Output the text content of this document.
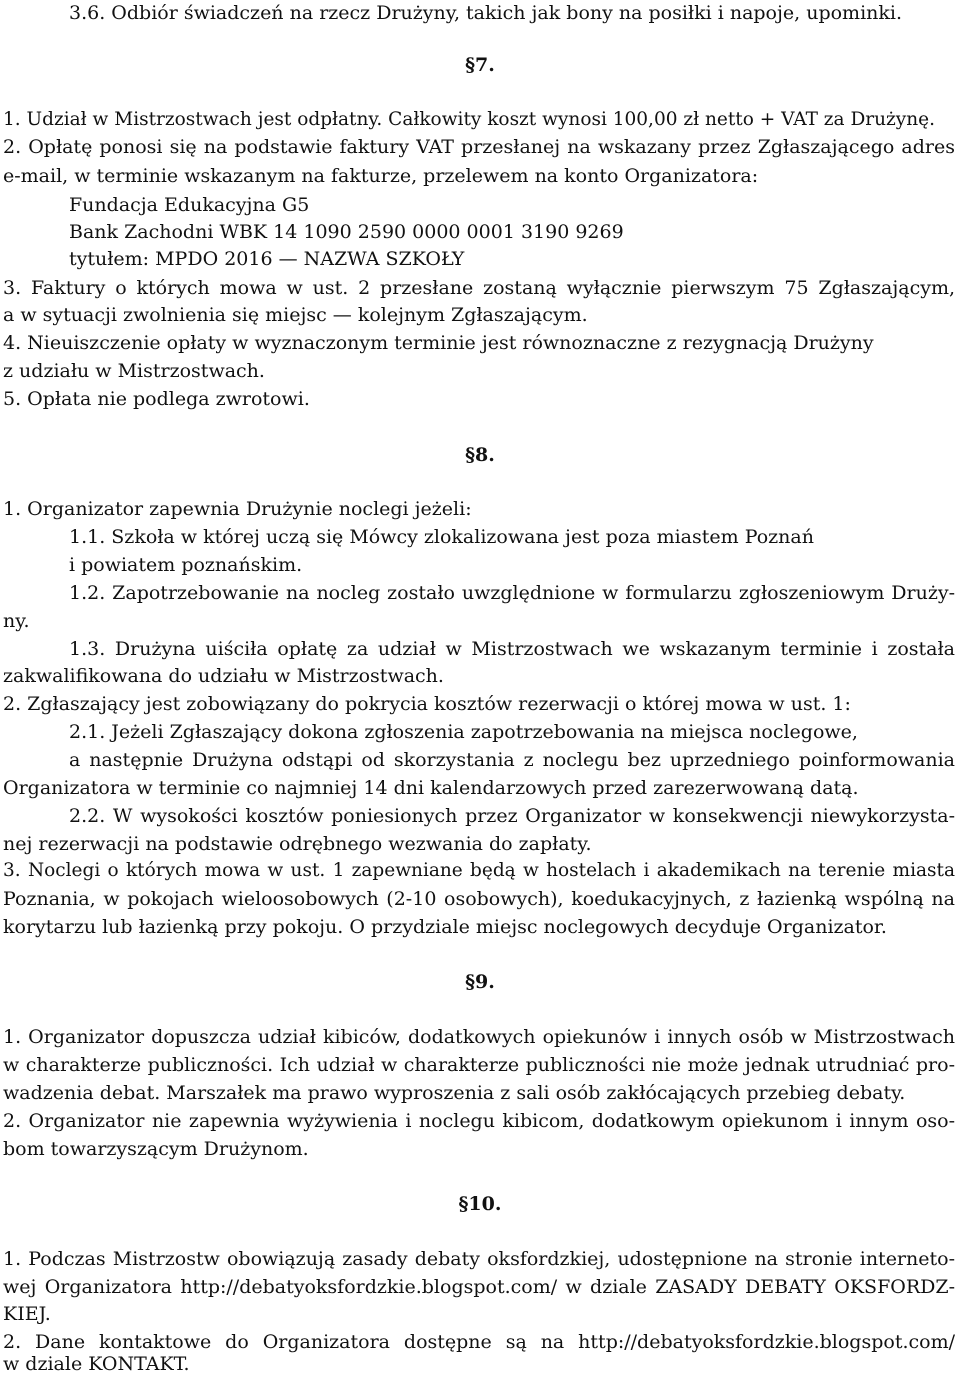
3.6. Odbiór świadczeń na rzecz Drużyny, takich jak bony na posiłki i napoje, upominki.
§7.
1. Udział w Mistrzostwach jest odpłatny. Całkowity koszt wynosi 100,00 zł netto + VAT za Drużynę.
2. Opłatę ponosi się na podstawie faktury VAT przesłanej na wskazany przez Zgłaszającego adres
e-mail, w terminie wskazanym na fakturze, przelewem na konto Organizatora:
Fundacja Edukacyjna G5
Bank Zachodni WBK 14 1090 2590 0000 0001 3190 9269
tytułem: MPDO 2016 — NAZWA SZKOŁY
3. Faktury o których mowa w ust. 2 przesłane zostaną wyłącznie pierwszym 75 Zgłaszającym,
a w sytuacji zwolnienia się miejsc — kolejnym Zgłaszającym.
4. Nieuiszczenie opłaty w wyznaczonym terminie jest równoznaczne z rezygnacją Drużyny
z udziału w Mistrzostwach.
5. Opłata nie podlega zwrotowi.
§8.
1. Organizator zapewnia Drużynie noclegi jeżeli:
1.1. Szkoła w której uczą się Mówcy zlokalizowana jest poza miastem Poznań
i powiatem poznańskim.
1.2. Zapotrzebowanie na nocleg zostało uwzględnione w formularzu zgłoszeniowym Druży-
ny.
1.3. Drużyna uiściła opłatę za udział w Mistrzostwach we wskazanym terminie i została
zakwalifikowana do udziału w Mistrzostwach.
2. Zgłaszający jest zobowiązany do pokrycia kosztów rezerwacji o której mowa w ust. 1:
2.1. Jeżeli Zgłaszający dokona zgłoszenia zapotrzebowania na miejsca noclegowe,
a następnie Drużyna odstąpi od skorzystania z noclegu bez uprzedniego poinformowania
Organizatora w terminie co najmniej 14 dni kalendarzowych przed zarezerwowaną datą.
2.2. W wysokości kosztów poniesionych przez Organizator w konsekwencji niewykorzysta-
nej rezerwacji na podstawie odrębnego wezwania do zapłaty.
3. Noclegi o których mowa w ust. 1 zapewniane będą w hostelach i akademikach na terenie miasta
Poznania, w pokojach wieloosobowych (2-10 osobowych), koedukacyjnych, z łazienką wspólną na
korytarzu lub łazienką przy pokoju. O przydziale miejsc noclegowych decyduje Organizator.
§9.
1. Organizator dopuszcza udział kibiców, dodatkowych opiekunów i innych osób w Mistrzostwach
w charakterze publiczności. Ich udział w charakterze publiczności nie może jednak utrudniać pro-
wadzenia debat. Marszałek ma prawo wyproszenia z sali osób zakłócających przebieg debaty.
2. Organizator nie zapewnia wyżywienia i noclegu kibicom, dodatkowym opiekunom i innym oso-
bom towarzyszącym Drużynom.
§10.
1. Podczas Mistrzostw obowiązują zasady debaty oksfordzkiej, udostępnione na stronie interneto-
wej Organizatora http://debatyoksfordzkie.blogspot.com/ w dziale ZASADY DEBATY OKSFORDZ-
KIEJ.
2. Dane kontaktowe do Organizatora dostępne są na http://debatyoksfordzkie.blogspot.com/
w dziale KONTAKT.
